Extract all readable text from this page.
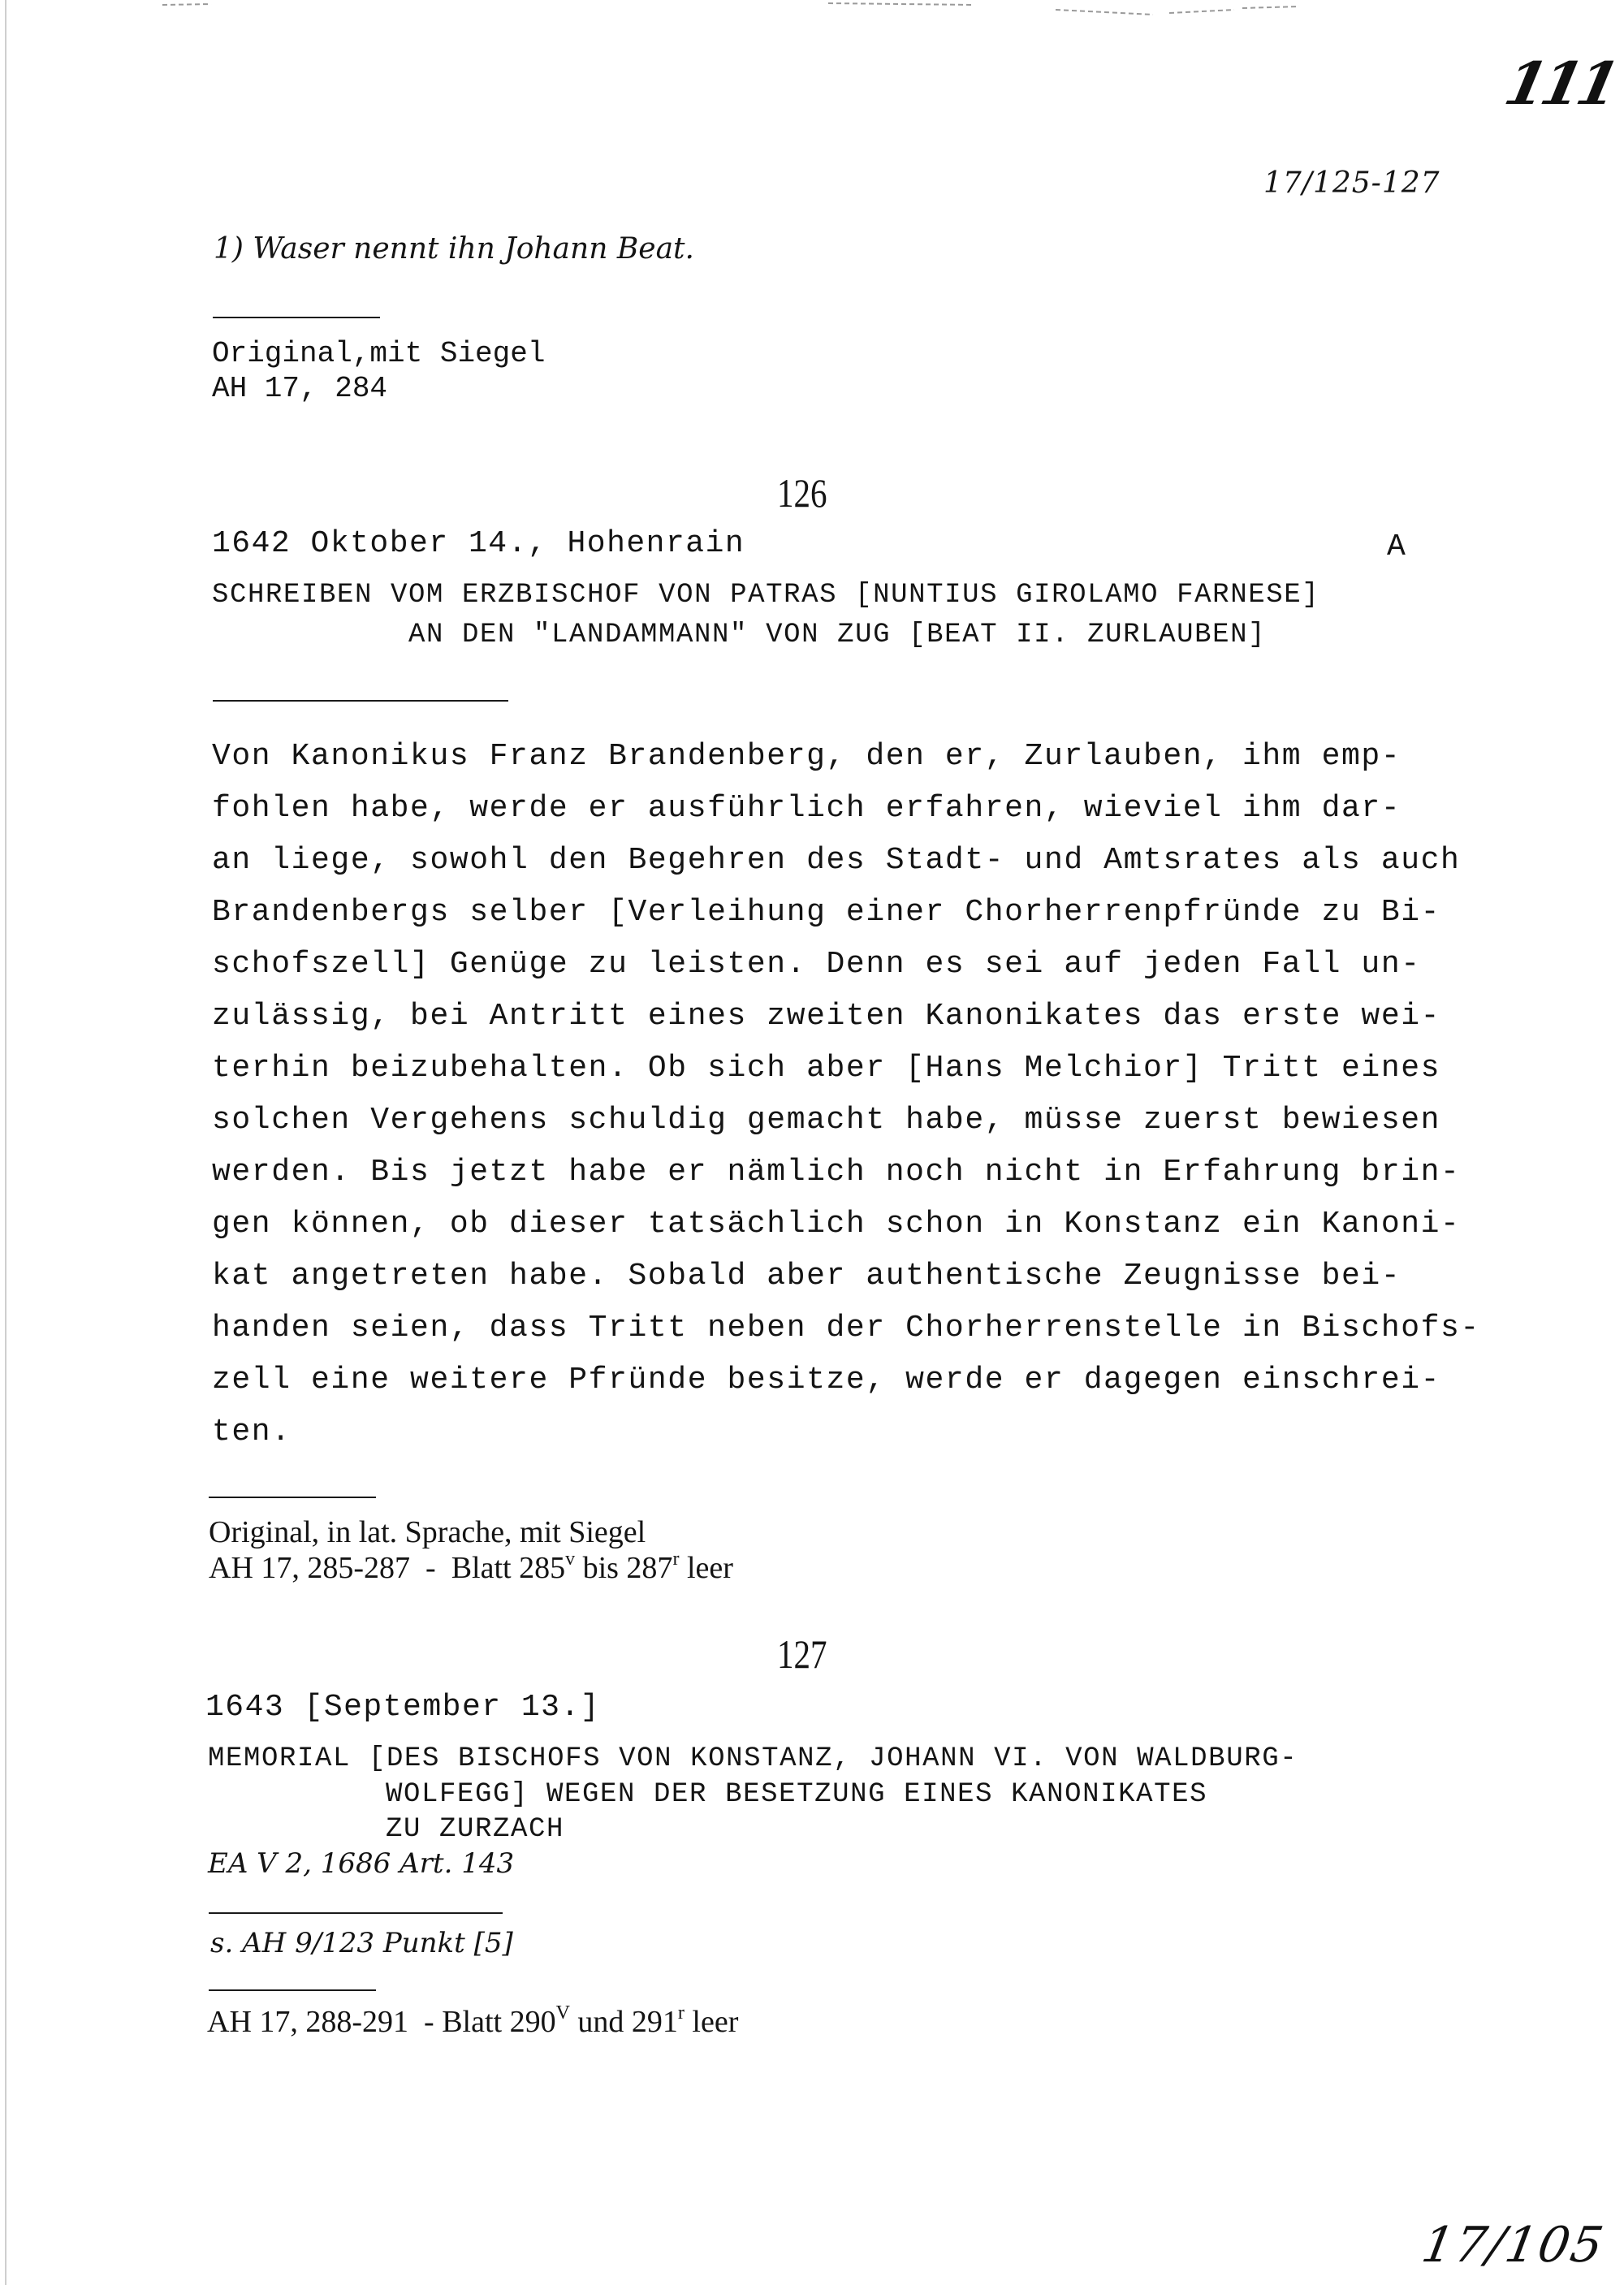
111
17/125-127
1) Waser nennt ihn Johann Beat.
Original,mit Siegel
AH 17, 284
126
1642 Oktober 14., Hohenrain	A
SCHREIBEN VOM ERZBISCHOF VON PATRAS [NUNTIUS GIROLAMO FARNESE]
AN DEN "LANDAMMANN" VON ZUG [BEAT II. ZURLAUBEN]
Von Kanonikus Franz Brandenberg, den er, Zurlauben, ihm emp-
fohlen habe, werde er ausführlich erfahren, wieviel ihm dar-
an liege, sowohl den Begehren des Stadt- und Amtsrates als auch
Brandenbergs selber [Verleihung einer Chorherrenpfründe zu Bi-
schofszell] Genüge zu leisten. Denn es sei auf jeden Fall un-
zulässig, bei Antritt eines zweiten Kanonikates das erste wei-
terhin beizubehalten. Ob sich aber [Hans Melchior] Tritt eines
solchen Vergehens schuldig gemacht habe, müsse zuerst bewiesen
werden. Bis jetzt habe er nämlich noch nicht in Erfahrung brin-
gen können, ob dieser tatsächlich schon in Konstanz ein Kanoni-
kat angetreten habe. Sobald aber authentische Zeugnisse bei-
handen seien, dass Tritt neben der Chorherrenstelle in Bischofs-
zell eine weitere Pfründe besitze, werde er dagegen einschrei-
ten.
Original, in lat. Sprache, mit Siegel
AH 17, 285-287  -  Blatt 285$^v$ bis 287$^r$ leer
127
1643 [September 13.]
MEMORIAL [DES BISCHOFS VON KONSTANZ, JOHANN VI. VON WALDBURG-
WOLFEGG] WEGEN DER BESETZUNG EINES KANONIKATES
ZU ZURZACH
EA V 2, 1686 Art. 143
s. AH 9/123 Punkt [5]
AH 17, 288-291  - Blatt $290^V$ und 291$^r$ leer
17/105
